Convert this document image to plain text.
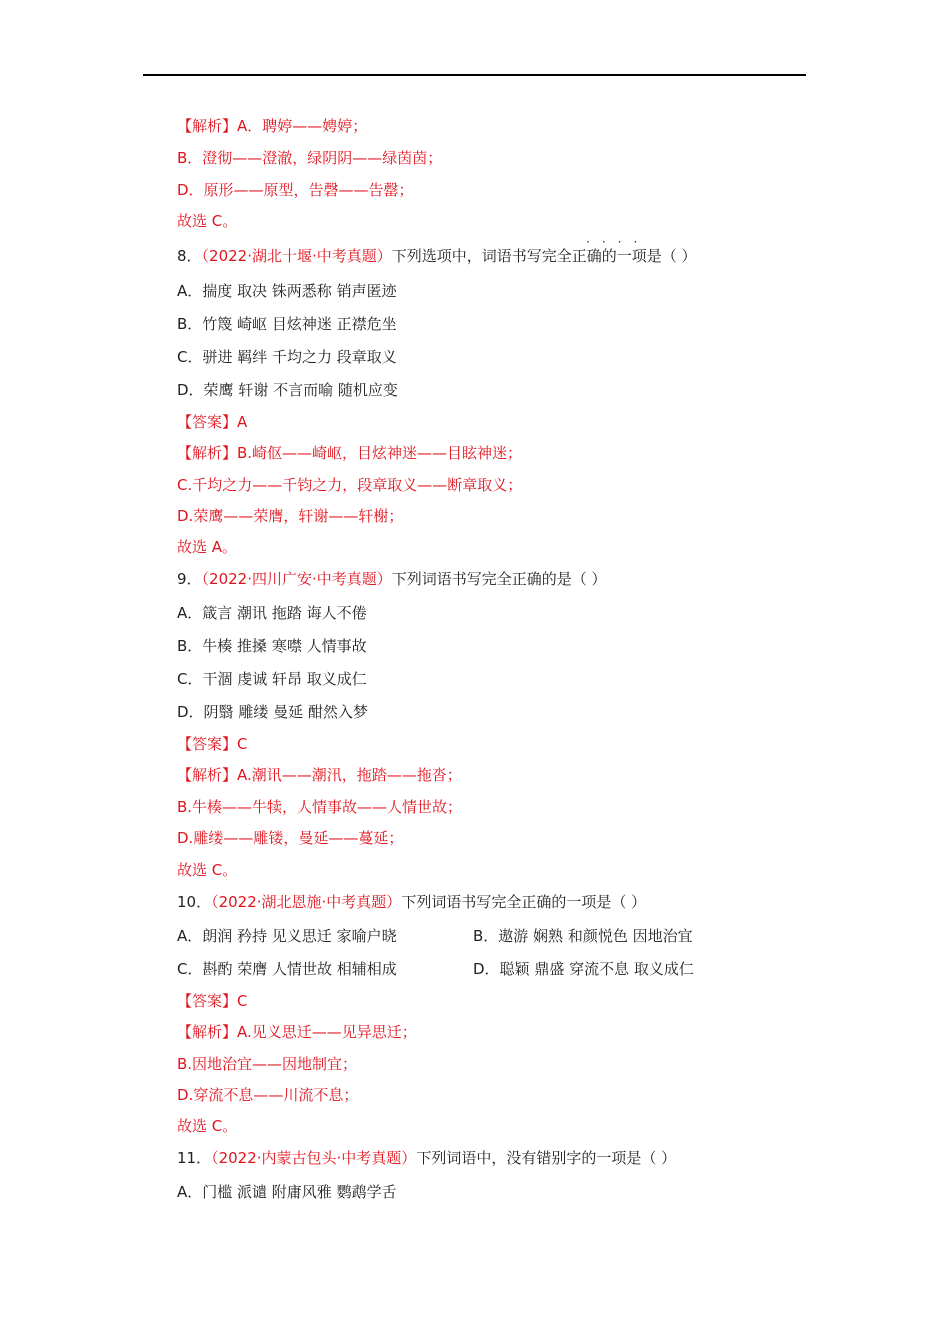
【解析】A．聘婷——娉婷；
B．澄彻——澄澈，绿阴阴——绿茵茵；
D．原形——原型，告磬——告罄；
故选 C。
····
8．（2022·湖北十堰·中考真题）下列选项中，词语书写完全正确的一项是（ ）
A．揣度 取决 铢两悉称 销声匿迹
B．竹篾 崎岖 目炫神迷 正襟危坐
C．骈进 羁绊 千均之力 段章取义
D．荣鹰 轩谢 不言而喻 随机应变
【答案】A
【解析】B.崎伛——崎岖，目炫神迷——目眩神迷；
C.千均之力——千钧之力，段章取义——断章取义；
D.荣鹰——荣膺，轩谢——轩榭；
故选 A。
9．（2022·四川广安·中考真题）下列词语书写完全正确的是（ ）
A．箴言 潮讯 拖踏 诲人不倦
B．牛楱 推搡 寒噤 人情事故
C．干涸 虔诚 轩昂 取义成仁
D．阴翳 雕缕 曼延 酣然入梦
【答案】C
【解析】A.潮讯——潮汛，拖踏——拖沓；
B.牛楱——牛犊，人情事故——人情世故；
D.雕缕——雕镂，曼延——蔓延；
故选 C。
10．（2022·湖北恩施·中考真题）下列词语书写完全正确的一项是（ ）
A．朗润 矜持 见义思迁 家喻户晓	B．遨游 娴熟 和颜悦色 因地治宜
C．斟酌 荣膺 人情世故 相辅相成	D．聪颖 鼎盛 穿流不息 取义成仁
【答案】C
【解析】A.见义思迁——见异思迁；
B.因地治宜——因地制宜；
D.穿流不息——川流不息；
故选 C。
11．（2022·内蒙古包头·中考真题）下列词语中，没有错别字的一项是（ ）
A．门槛 派谴 附庸风雅 鹦鹉学舌
